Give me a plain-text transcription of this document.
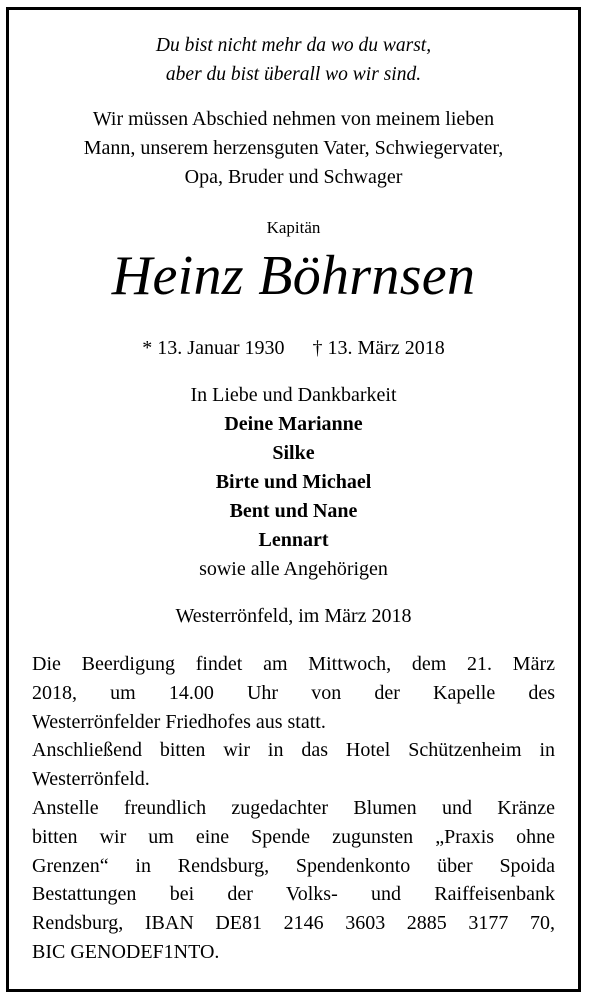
Du bist nicht mehr da wo du warst,
aber du bist überall wo wir sind.
Wir müssen Abschied nehmen von meinem lieben
Mann, unserem herzensguten Vater, Schwiegervater,
Opa, Bruder und Schwager
Kapitän
Heinz Böhrnsen
* 13. Januar 1930 † 13. März 2018
In Liebe und Dankbarkeit
Deine Marianne
Silke
Birte und Michael
Bent und Nane
Lennart
sowie alle Angehörigen
Westerrönfeld, im März 2018
Die Beerdigung findet am Mittwoch, dem 21. März
2018, um 14.00 Uhr von der Kapelle des
Westerrönfelder Friedhofes aus statt.
Anschließend bitten wir in das Hotel Schützenheim in
Westerrönfeld.
Anstelle freundlich zugedachter Blumen und Kränze
bitten wir um eine Spende zugunsten „Praxis ohne
Grenzen“ in Rendsburg, Spendenkonto über Spoida
Bestattungen bei der Volks- und Raiffeisenbank
Rendsburg, IBAN DE81 2146 3603 2885 3177 70,
BIC GENODEF1NTO.
